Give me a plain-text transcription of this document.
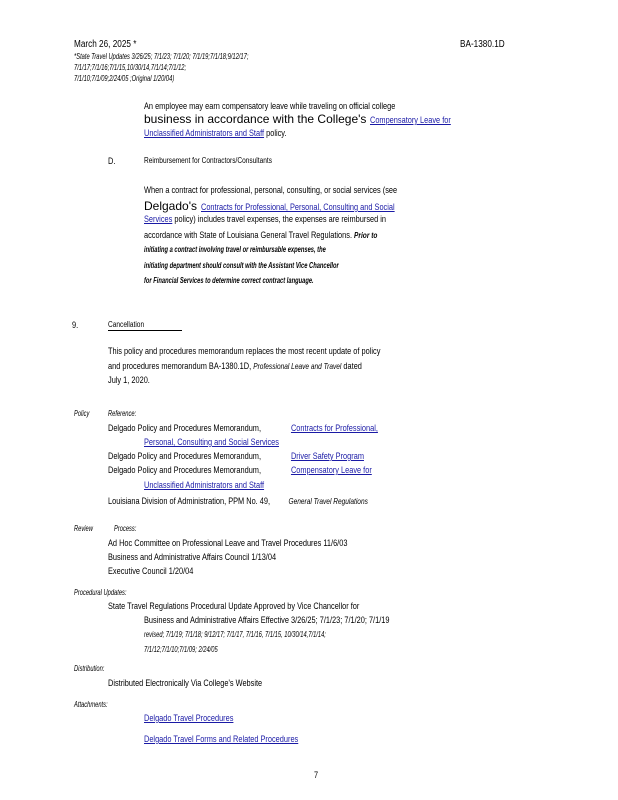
March 26, 2025 *	BA-1380.1D
*State Travel Updates 3/26/25; 7/1/23; 7/1/20; 7/1/19;7/1/18;9/12/17;
7/1/17;7/1/16;7/1/15,10/30/14,7/1/14;7/1/12;
7/1/10;7/1/09;2/24/05 ;Original 1/20/04)
An employee may earn compensatory leave while traveling on official college
business in accordance with the College's Compensatory Leave for
Unclassified Administrators and Staff policy.
D.	Reimbursement for Contractors/Consultants
When a contract for professional, personal, consulting, or social services (see
Delgado's Contracts for Professional, Personal, Consulting and Social
Services policy) includes travel expenses, the expenses are reimbursed in
accordance with State of Louisiana General Travel Regulations. Prior to
initiating a contract involving travel or reimbursable expenses, the
initiating department should consult with the Assistant Vice Chancellor
for Financial Services to determine correct contract language.
9.	Cancellation
This policy and procedures memorandum replaces the most recent update of policy
and procedures memorandum BA-1380.1D, Professional Leave and Travel dated
July 1, 2020.
Policy Reference:
Delgado Policy and Procedures Memorandum,	Contracts for Professional,
Personal, Consulting and Social Services
Delgado Policy and Procedures Memorandum,	Driver Safety Program
Delgado Policy and Procedures Memorandum,	Compensatory Leave for
Unclassified Administrators and Staff
Louisiana Division of Administration, PPM No. 49, General Travel Regulations
Review	Process:
Ad Hoc Committee on Professional Leave and Travel Procedures 11/6/03
Business and Administrative Affairs Council 1/13/04
Executive Council 1/20/04
Procedural Updates:
State Travel Regulations Procedural Update Approved by Vice Chancellor for
Business and Administrative Affairs Effective 3/26/25; 7/1/23; 7/1/20; 7/1/19
revised; 7/1/19; 7/1/18; 9/12/17; 7/1/17, 7/1/16, 7/1/15, 10/30/14,7/1/14;
7/1/12;7/1/10;7/1/09; 2/24/05
Distribution:
Distributed Electronically Via College's Website
Attachments:
Delgado Travel Procedures
Delgado Travel Forms and Related Procedures
7
